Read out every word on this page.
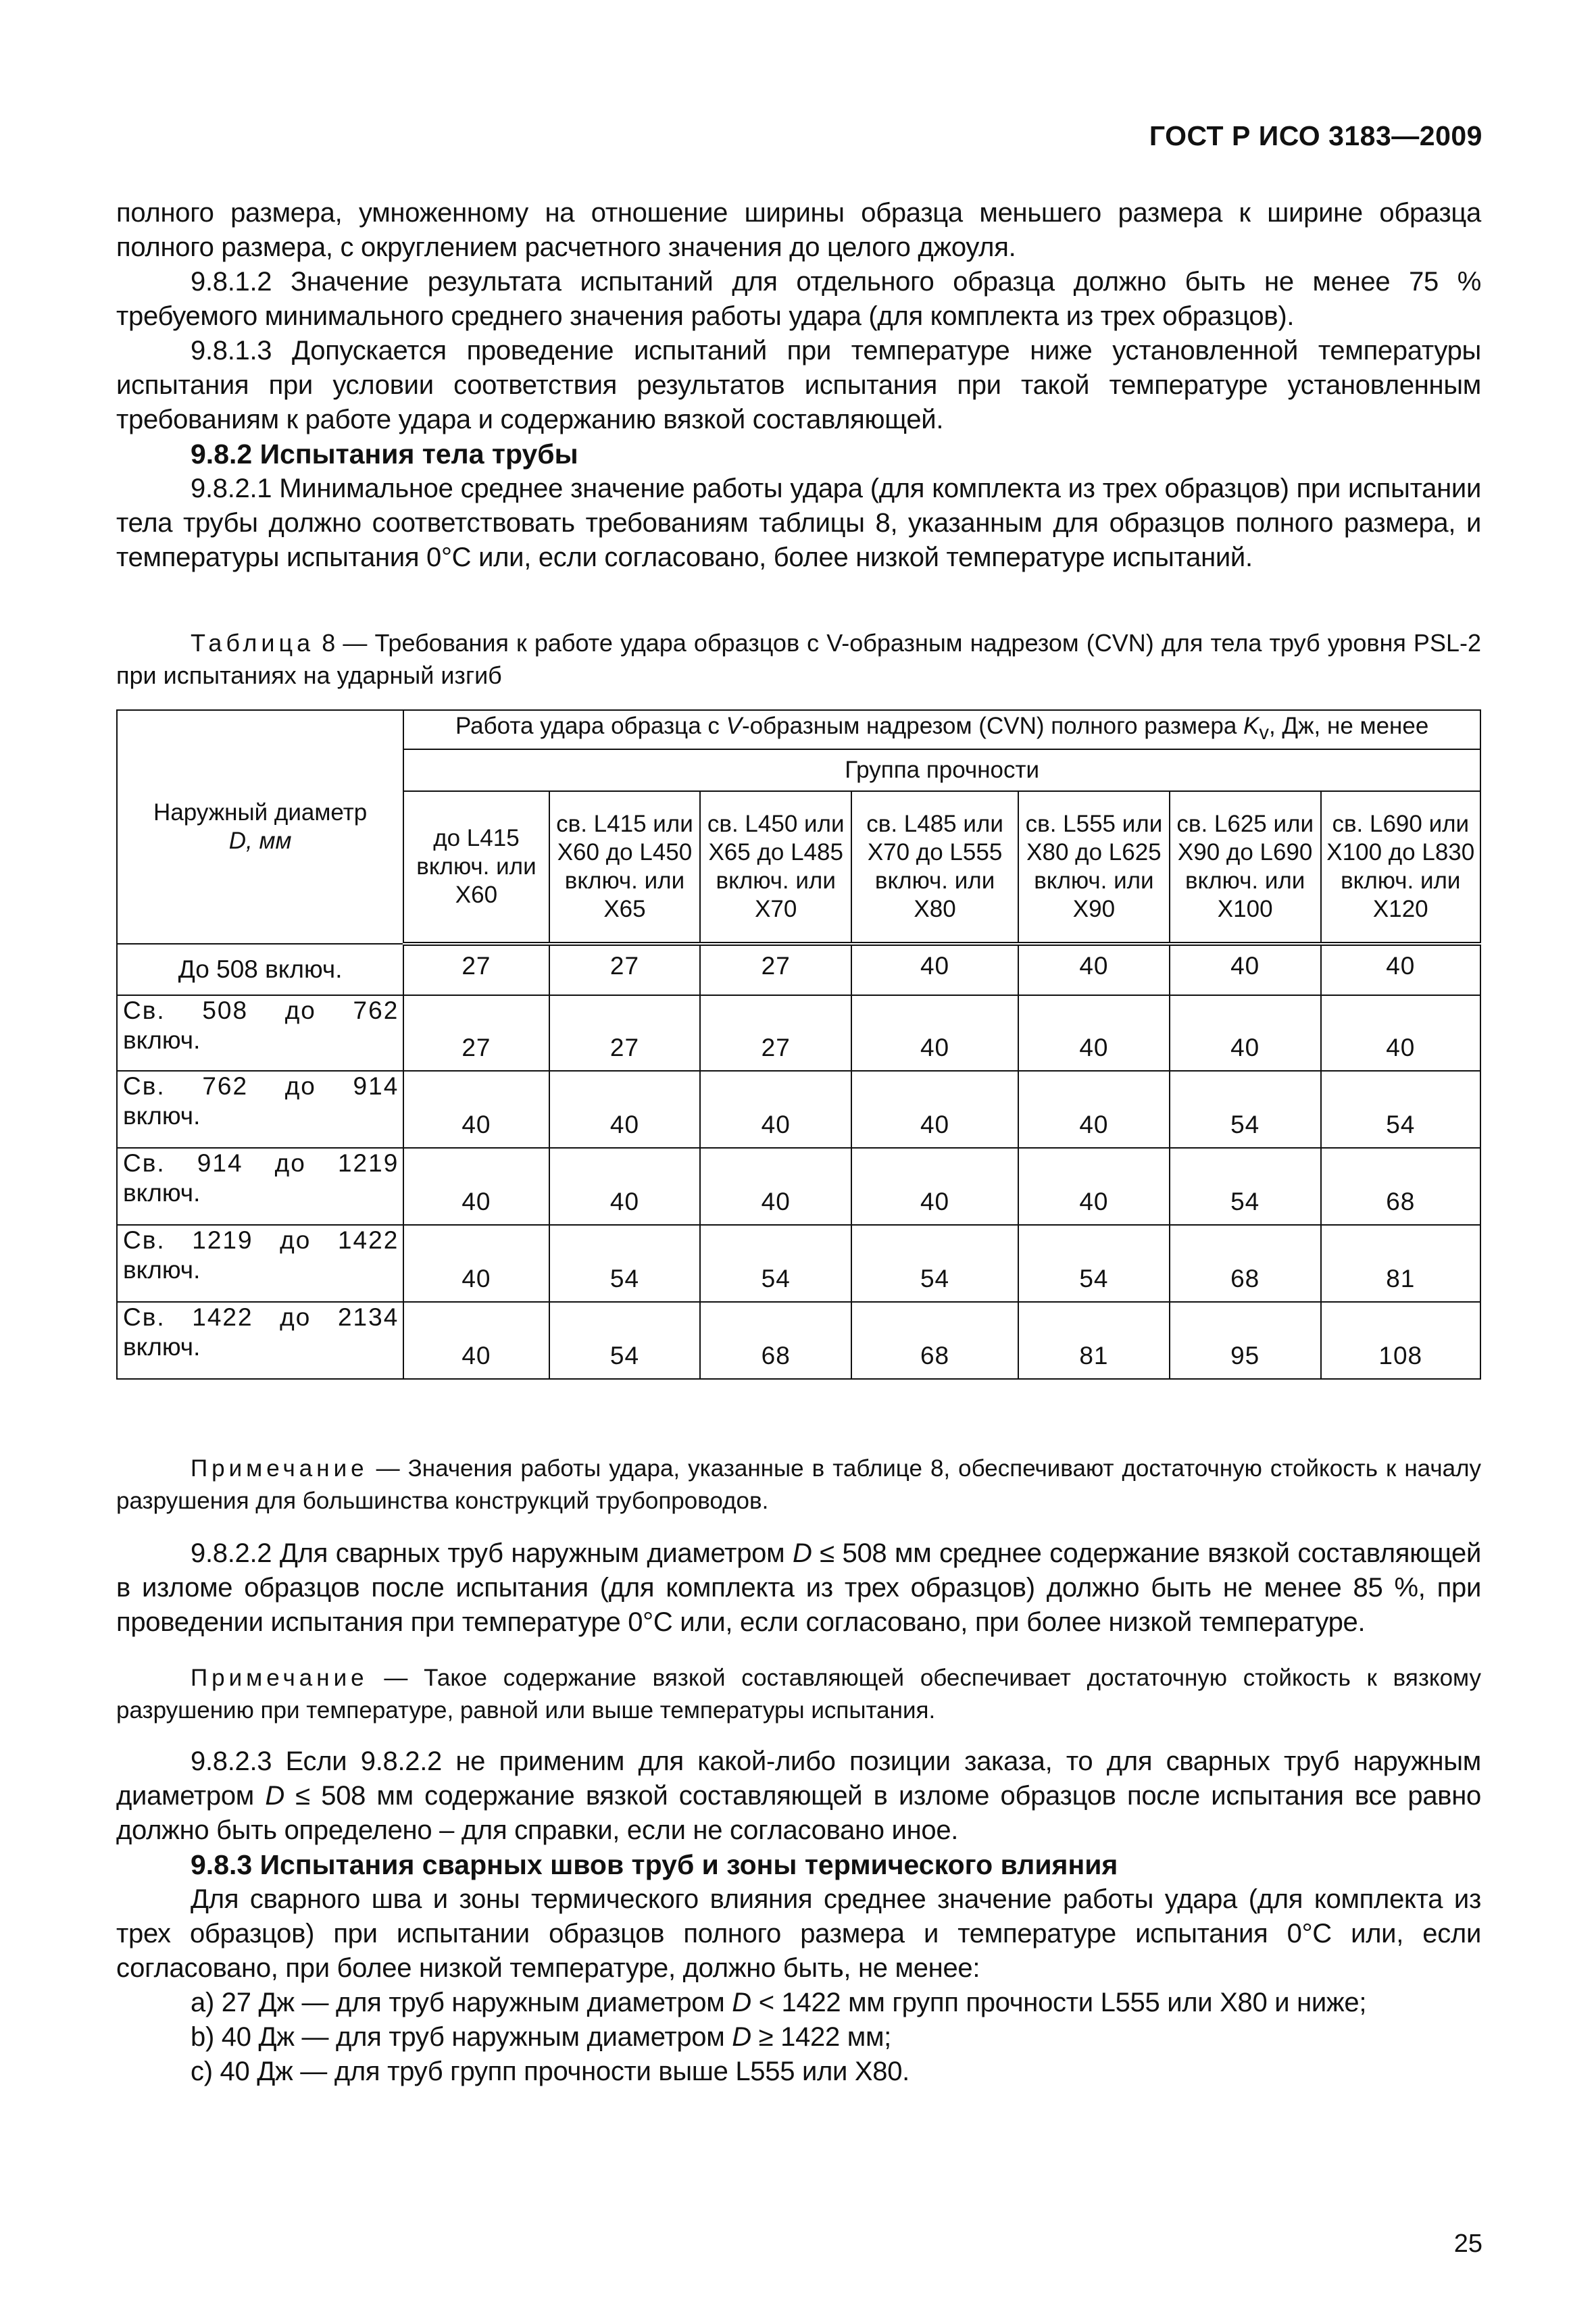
ГОСТ Р ИСО 3183—2009

полного размера, умноженному на отношение ширины образца меньшего размера к ширине образца полного размера, с округлением расчетного значения до целого джоуля.

9.8.1.2 Значение результата испытаний для отдельного образца должно быть не менее 75 % требуемого минимального среднего значения работы удара (для комплекта из трех образцов).

9.8.1.3 Допускается проведение испытаний при температуре ниже установленной температуры испытания при условии соответствия результатов испытания при такой температуре установленным требованиям к работе удара и содержанию вязкой составляющей.

9.8.2 Испытания тела трубы

9.8.2.1 Минимальное среднее значение работы удара (для комплекта из трех образцов) при испытании тела трубы должно соответствовать требованиям таблицы 8, указанным для образцов полного размера, и температуры испытания 0°С или, если согласовано, более низкой температуре испытаний.

Таблица 8 — Требования к работе удара образцов с V-образным надрезом (CVN) для тела труб уровня PSL-2 при испытаниях на ударный изгиб

Наружный диаметр
D, мм	Работа удара образца с V-образным надрезом (CVN) полного размера $K_v$, Дж, не менее						
	Группа прочности						
	до L415 включ. или X60	св. L415 или X60 до L450 включ. или X65	св. L450 или X65 до L485 включ. или X70	св. L485 или X70 до L555 включ. или X80	св. L555 или X80 до L625 включ. или X90	св. L625 или X90 до L690 включ. или X100	св. L690 или X100 до L830 включ. или X120
До 508 включ.	27	27	27	40	40	40	40

Св. 508 до 762
включ.	27	27	27	40	40	40	40

Св. 762 до 914
включ.	40	40	40	40	40	54	54

Св. 914 до 1219
включ.	40	40	40	40	40	54	68

Св. 1219 до 1422
включ.	40	54	54	54	54	68	81

Св. 1422 до 2134
включ.	40	54	68	68	81	95	108

Примечание — Значения работы удара, указанные в таблице 8, обеспечивают достаточную стойкость к началу разрушения для большинства конструкций трубопроводов.

9.8.2.2 Для сварных труб наружным диаметром D ≤ 508 мм среднее содержание вязкой составляющей в изломе образцов после испытания (для комплекта из трех образцов) должно быть не менее 85 %, при проведении испытания при температуре 0°С или, если согласовано, при более низкой температуре.

Примечание — Такое содержание вязкой составляющей обеспечивает достаточную стойкость к вязкому разрушению при температуре, равной или выше температуры испытания.

9.8.2.3 Если 9.8.2.2 не применим для какой-либо позиции заказа, то для сварных труб наружным диаметром D ≤ 508 мм содержание вязкой составляющей в изломе образцов после испытания все равно должно быть определено – для справки, если не согласовано иное.

9.8.3 Испытания сварных швов труб и зоны термического влияния

Для сварного шва и зоны термического влияния среднее значение работы удара (для комплекта из трех образцов) при испытании образцов полного размера и температуре испытания 0°С или, если согласовано, при более низкой температуре, должно быть, не менее:

a) 27 Дж — для труб наружным диаметром D < 1422 мм групп прочности L555 или X80 и ниже;

b) 40 Дж — для труб наружным диаметром D ≥ 1422 мм;

c) 40 Дж — для труб групп прочности выше L555 или X80.

25
